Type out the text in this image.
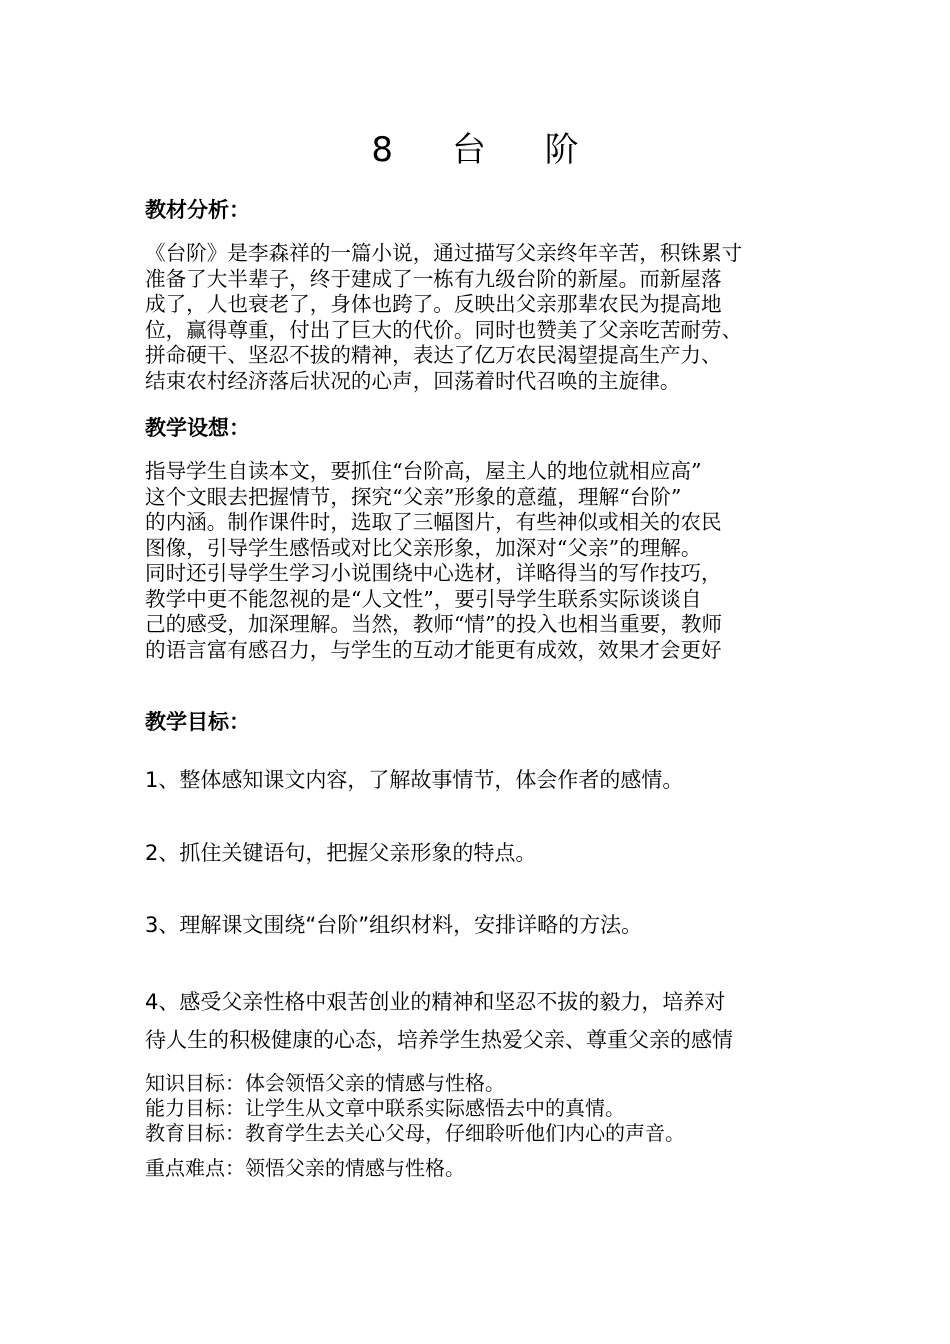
8 台 阶
教材分析：
《台阶》是李森祥的一篇小说，通过描写父亲终年辛苦，积铢累寸
准备了大半辈子，终于建成了一栋有九级台阶的新屋。而新屋落
成了，人也衰老了，身体也跨了。反映出父亲那辈农民为提高地
位，赢得尊重，付出了巨大的代价。同时也赞美了父亲吃苦耐劳、
拼命硬干、坚忍不拔的精神，表达了亿万农民渴望提高生产力、
结束农村经济落后状况的心声，回荡着时代召唤的主旋律。
教学设想：
指导学生自读本文，要抓住“台阶高，屋主人的地位就相应高”
这个文眼去把握情节，探究“父亲”形象的意蕴，理解“台阶”
的内涵。制作课件时，选取了三幅图片，有些神似或相关的农民
图像，引导学生感悟或对比父亲形象，加深对“父亲”的理解。
同时还引导学生学习小说围绕中心选材，详略得当的写作技巧，
教学中更不能忽视的是“人文性”，要引导学生联系实际谈谈自
己的感受，加深理解。当然，教师“情”的投入也相当重要，教师
的语言富有感召力，与学生的互动才能更有成效，效果才会更好
教学目标：
1、整体感知课文内容，了解故事情节，体会作者的感情。
2、抓住关键语句，把握父亲形象的特点。
3、理解课文围绕“台阶”组织材料，安排详略的方法。
4、感受父亲性格中艰苦创业的精神和坚忍不拔的毅力，培养对
待人生的积极健康的心态，培养学生热爱父亲、尊重父亲的感情
知识目标：体会领悟父亲的情感与性格。
能力目标：让学生从文章中联系实际感悟去中的真情。
教育目标：教育学生去关心父母，仔细聆听他们内心的声音。
重点难点：领悟父亲的情感与性格。
